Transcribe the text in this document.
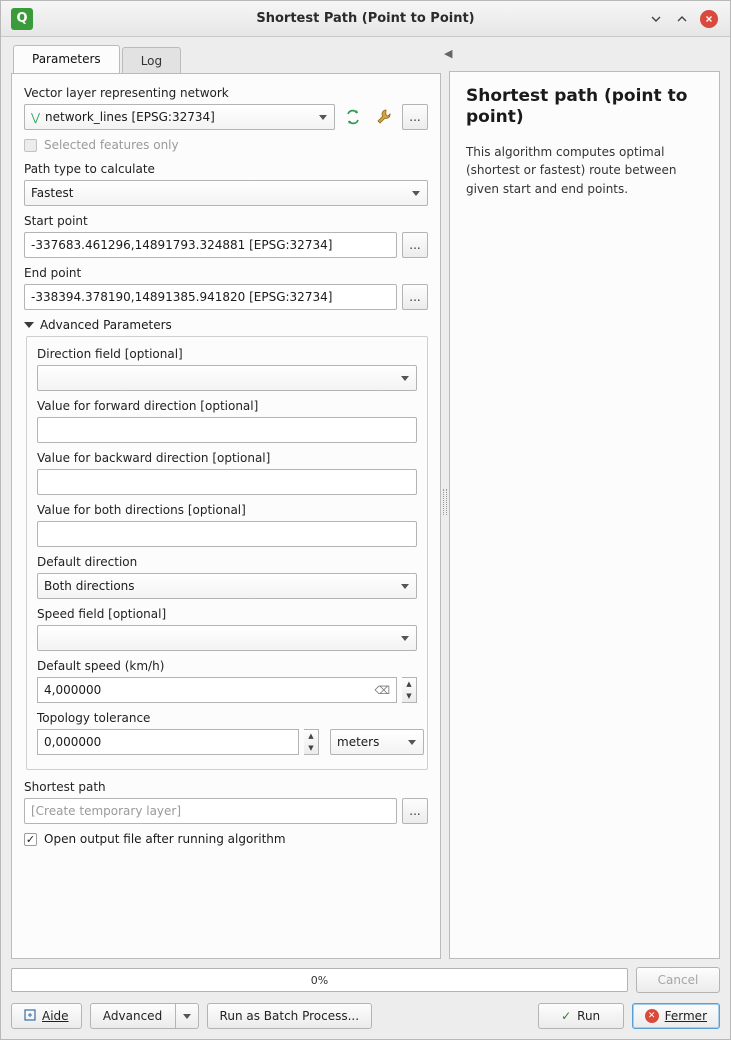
Q	Shortest Path (Point to Point)
Parameters	Log
Vector layer representing network
⋁ network_lines [EPSG:32734]	...
Selected features only
Path type to calculate
Fastest
Start point
-337683.461296,14891793.324881 [EPSG:32734]	...
End point
-338394.378190,14891385.941820 [EPSG:32734]	...
Advanced Parameters
Direction field [optional]
Value for forward direction [optional]
Value for backward direction [optional]
Value for both directions [optional]
Default direction
Both directions
Speed field [optional]
Default speed (km/h)
4,000000	⌫	▲
▼
Topology tolerance
0,000000	▲
▼	meters
Shortest path
[Create temporary layer]	...
✓
Open output file after running algorithm
◀
Shortest path (point to point)
This algorithm computes optimal (shortest or fastest) route between given start and end points.
0%	Cancel
Aide	Advanced	Run as Batch Process...	✓ Run	✕ Fermer
